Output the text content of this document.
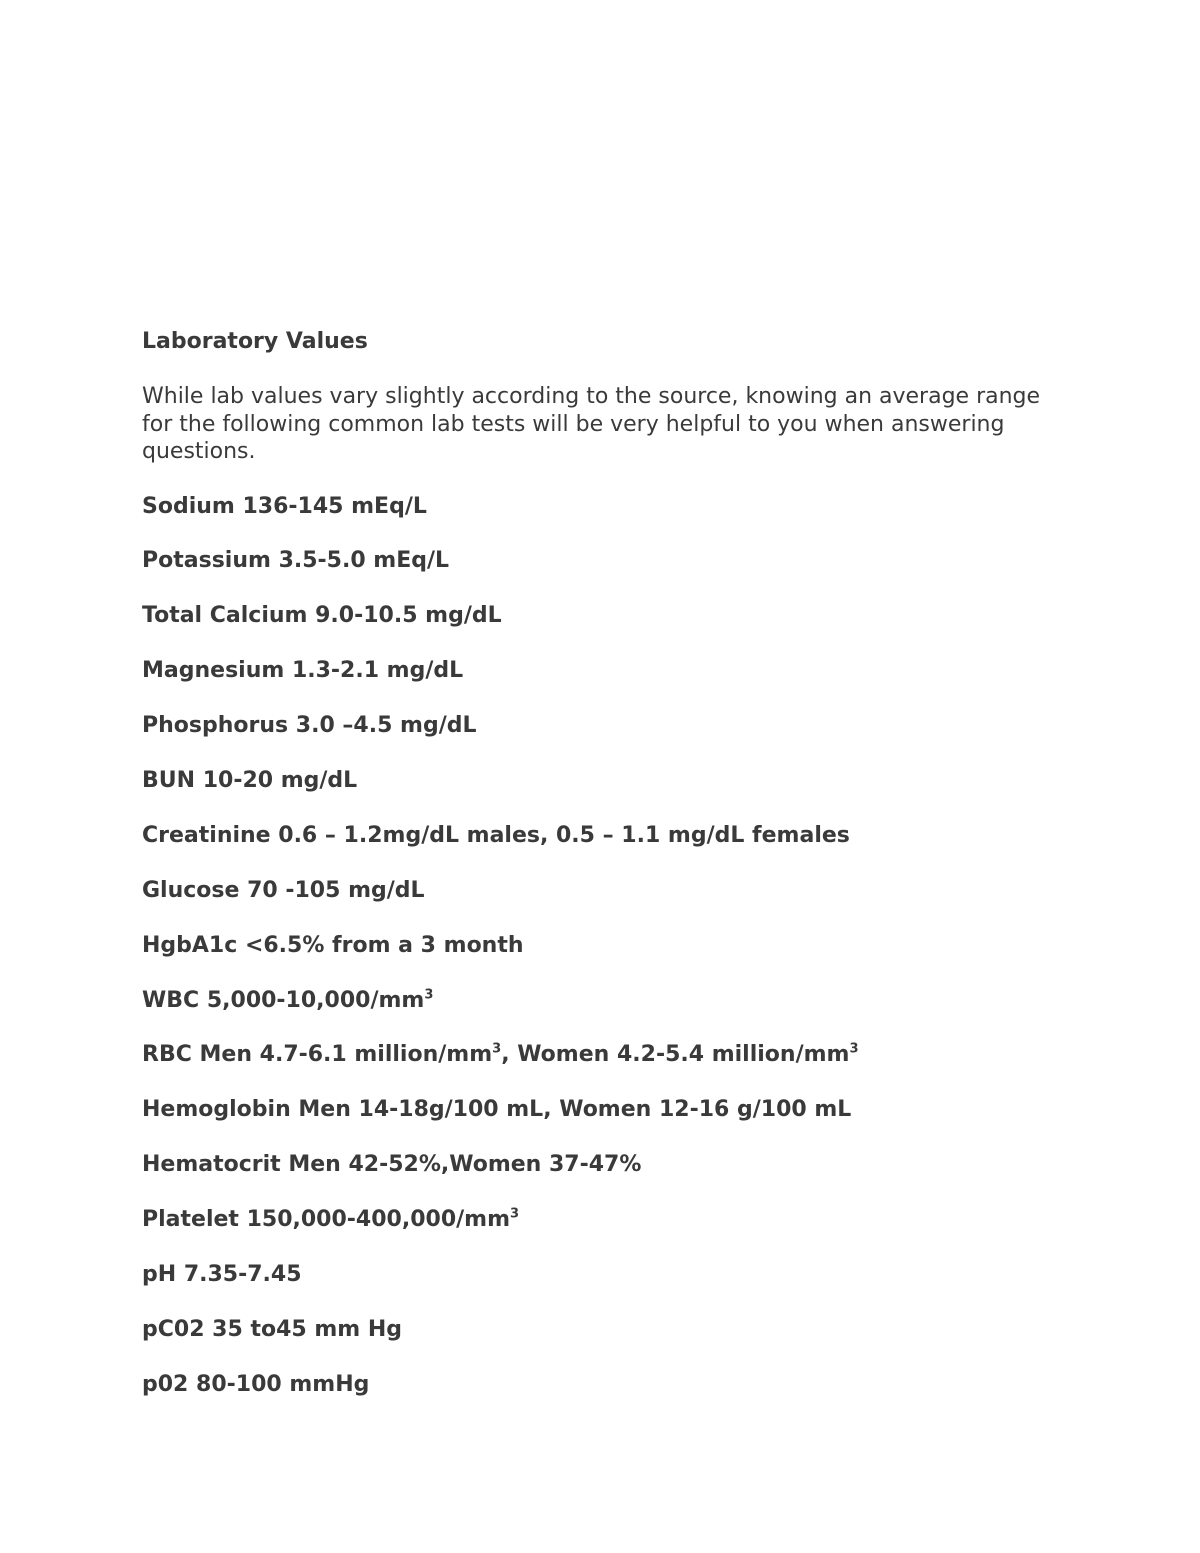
Laboratory Values

While lab values vary slightly according to the source, knowing an average range for the following common lab tests will be very helpful to you when answering questions.

Sodium 136-145 mEq/L
Potassium 3.5-5.0 mEq/L
Total Calcium 9.0-10.5 mg/dL
Magnesium 1.3-2.1 mg/dL
Phosphorus 3.0 –4.5 mg/dL
BUN 10-20 mg/dL
Creatinine 0.6 – 1.2mg/dL males, 0.5 – 1.1 mg/dL females
Glucose 70 -105 mg/dL
HgbA1c <6.5% from a 3 month
WBC $5,000-10,000/mm^3$
RBC Men 4.7-6.1 million/$mm^3$, Women 4.2-5.4 million/$mm^3$
Hemoglobin Men 14-18g/100 mL, Women 12-16 g/100 mL
Hematocrit Men 42-52%,Women 37-47%
Platelet $150,000-400,000/mm^3$
pH 7.35-7.45
pC02 35 to45 mm Hg
p02 80-100 mmHg
